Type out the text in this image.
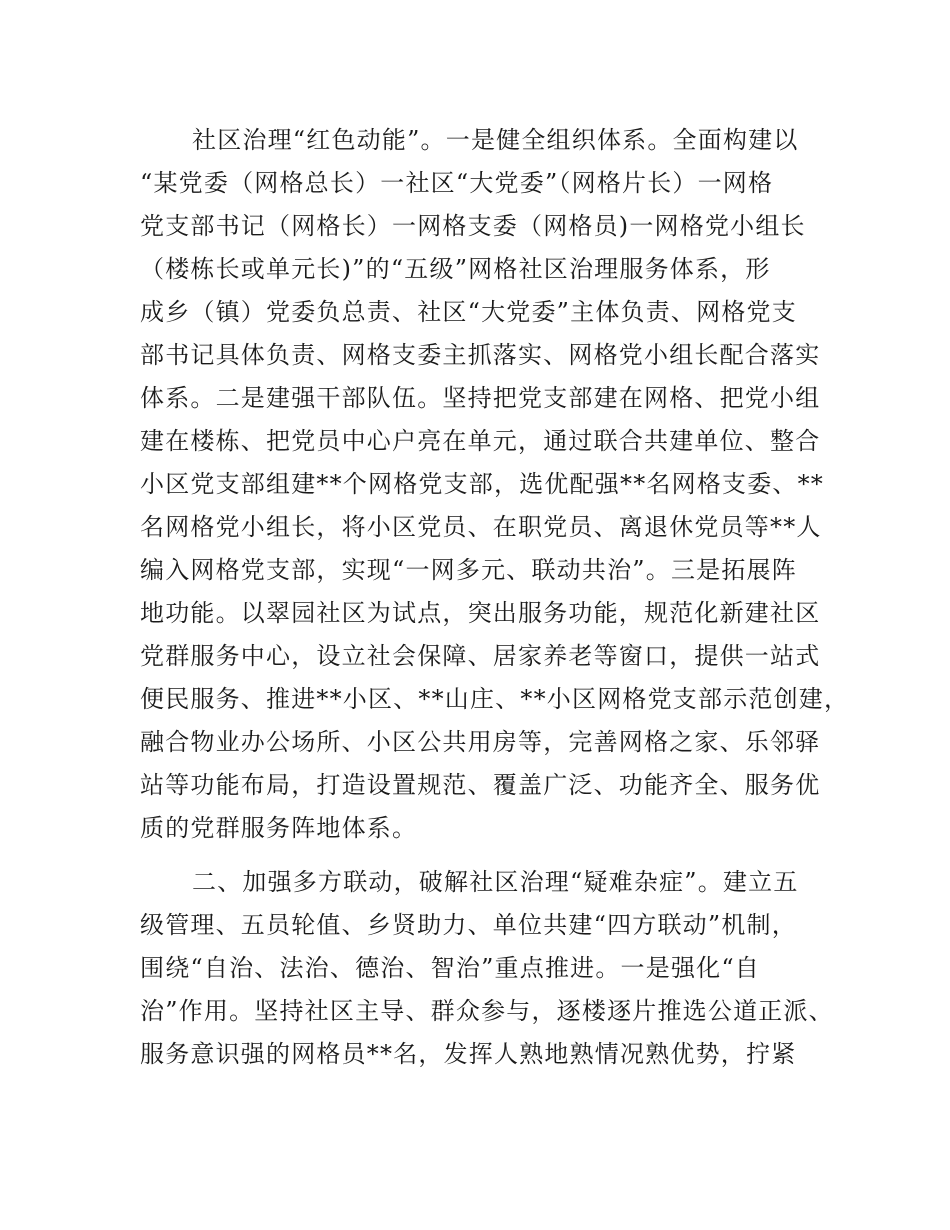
社区治理“红色动能”。一是健全组织体系。全面构建以
“某党委（网格总长）一社区“大党委”（网格片长）一网格
党支部书记（网格长）一网格支委（网格员)一网格党小组长
（楼栋长或单元长)”的“五级”网格社区治理服务体系，形
成乡（镇）党委负总责、社区“大党委”主体负责、网格党支
部书记具体负责、网格支委主抓落实、网格党小组长配合落实
体系。二是建强干部队伍。坚持把党支部建在网格、把党小组
建在楼栋、把党员中心户亮在单元，通过联合共建单位、整合
小区党支部组建**个网格党支部，选优配强**名网格支委、**
名网格党小组长，将小区党员、在职党员、离退休党员等**人
编入网格党支部，实现“一网多元、联动共治”。三是拓展阵
地功能。以翠园社区为试点，突出服务功能，规范化新建社区
党群服务中心，设立社会保障、居家养老等窗口，提供一站式
便民服务、推进**小区、**山庄、**小区网格党支部示范创建，
融合物业办公场所、小区公共用房等，完善网格之家、乐邻驿
站等功能布局，打造设置规范、覆盖广泛、功能齐全、服务优
质的党群服务阵地体系。
二、加强多方联动，破解社区治理“疑难杂症”。建立五
级管理、五员轮值、乡贤助力、单位共建“四方联动”机制，
围绕“自治、法治、德治、智治”重点推进。一是强化“自
治”作用。坚持社区主导、群众参与，逐楼逐片推选公道正派、
服务意识强的网格员**名，发挥人熟地熟情况熟优势，拧紧
